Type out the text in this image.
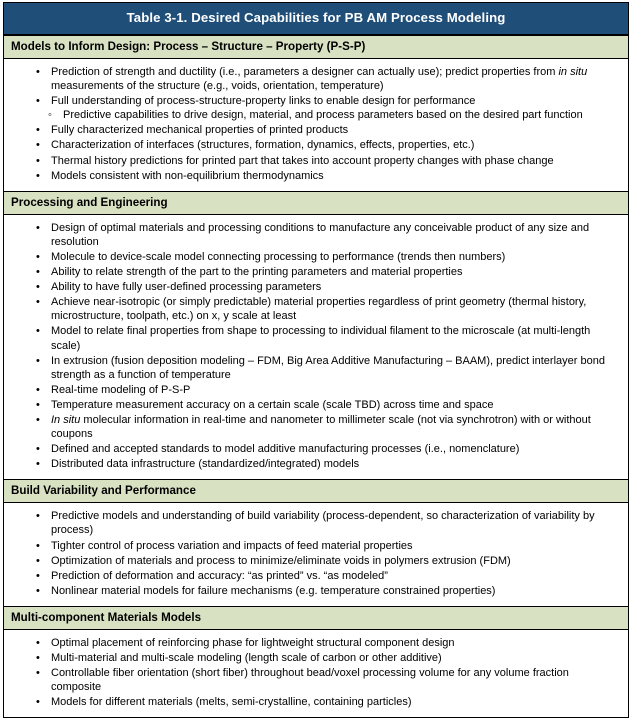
Table 3-1. Desired Capabilities for PB AM Process Modeling
Models to Inform Design: Process – Structure – Property (P-S-P)
• Prediction of strength and ductility (i.e., parameters a designer can actually use); predict properties from in situ measurements of the structure (e.g., voids, orientation, temperature)
• Full understanding of process-structure-property links to enable design for performance
◦ Predictive capabilities to drive design, material, and process parameters based on the desired part function
• Fully characterized mechanical properties of printed products
• Characterization of interfaces (structures, formation, dynamics, effects, properties, etc.)
• Thermal history predictions for printed part that takes into account property changes with phase change
• Models consistent with non-equilibrium thermodynamics
Processing and Engineering
• Design of optimal materials and processing conditions to manufacture any conceivable product of any size and resolution
• Molecule to device-scale model connecting processing to performance (trends then numbers)
• Ability to relate strength of the part to the printing parameters and material properties
• Ability to have fully user-defined processing parameters
• Achieve near-isotropic (or simply predictable) material properties regardless of print geometry (thermal history, microstructure, toolpath, etc.) on x, y scale at least
• Model to relate final properties from shape to processing to individual filament to the microscale (at multi-length scale)
• In extrusion (fusion deposition modeling – FDM, Big Area Additive Manufacturing – BAAM), predict interlayer bond strength as a function of temperature
• Real-time modeling of P-S-P
• Temperature measurement accuracy on a certain scale (scale TBD) across time and space
• In situ molecular information in real-time and nanometer to millimeter scale (not via synchrotron) with or without coupons
• Defined and accepted standards to model additive manufacturing processes (i.e., nomenclature)
• Distributed data infrastructure (standardized/integrated) models
Build Variability and Performance
• Predictive models and understanding of build variability (process-dependent, so characterization of variability by process)
• Tighter control of process variation and impacts of feed material properties
• Optimization of materials and process to minimize/eliminate voids in polymers extrusion (FDM)
• Prediction of deformation and accuracy: “as printed” vs. “as modeled”
• Nonlinear material models for failure mechanisms (e.g. temperature constrained properties)
Multi-component Materials Models
• Optimal placement of reinforcing phase for lightweight structural component design
• Multi-material and multi-scale modeling (length scale of carbon or other additive)
• Controllable fiber orientation (short fiber) throughout bead/voxel processing volume for any volume fraction composite
• Models for different materials (melts, semi-crystalline, containing particles)
